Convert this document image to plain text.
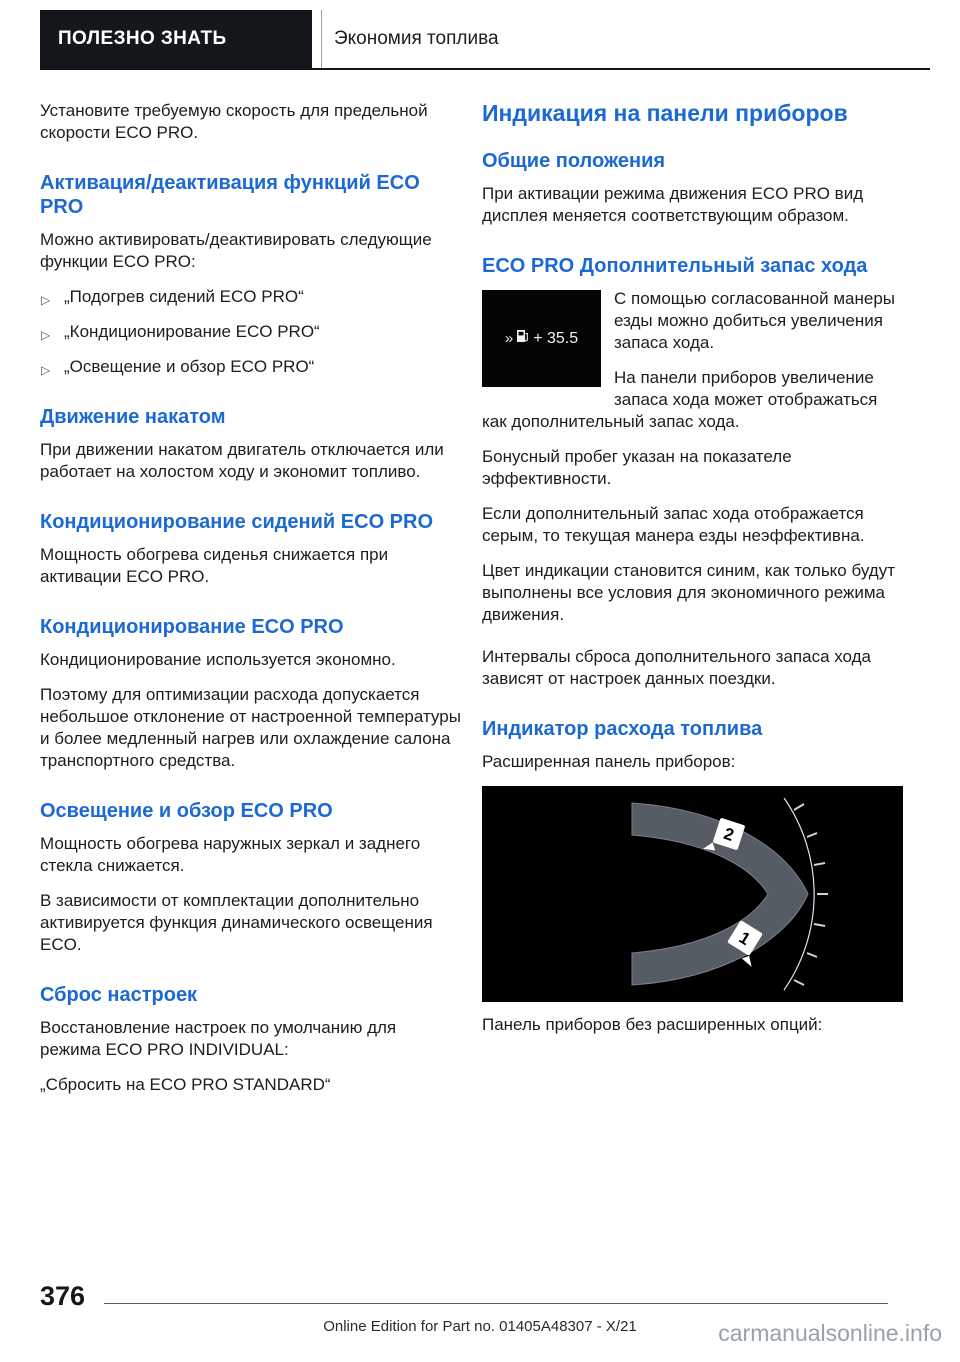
ПОЛЕЗНО ЗНАТЬ	Экономия топлива

Установите требуемую скорость для предельной скорости ECO PRO.

Активация/деактивация функций ECO PRO

Можно активировать/деактивировать следующие функции ECO PRO:

▷ „Подогрев сидений ECO PRO“
▷ „Кондиционирование ECO PRO“
▷ „Освещение и обзор ECO PRO“
Движение накатом

При движении накатом двигатель отключается или работает на холостом ходу и экономит топливо.

Кондиционирование сидений ECO PRO

Мощность обогрева сиденья снижается при активации ECO PRO.

Кондиционирование ECO PRO

Кондиционирование используется экономно.

Поэтому для оптимизации расхода допускается небольшое отклонение от настроенной температуры и более медленный нагрев или охлаждение салона транспортного средства.

Освещение и обзор ECO PRO

Мощность обогрева наружных зеркал и заднего стекла снижается.

В зависимости от комплектации дополнительно активируется функция динамического освещения ECO.

Сброс настроек

Восстановление настроек по умолчанию для режима ECO PRO INDIVIDUAL:

„Сбросить на ECO PRO STANDARD“

Индикация на панели приборов
Общие положения

При активации режима движения ECO PRO вид дисплея меняется соответствующим образом.

ECO PRO Дополнительный запас хода
» + 35.5

С помощью согласованной манеры езды можно добиться увеличения запаса хода.

На панели приборов увеличение запаса хода может отображаться как дополнительный запас хода.

Бонусный пробег указан на показателе эффективности.

Если дополнительный запас хода отображается серым, то текущая манера езды неэффективна.

Цвет индикации становится синим, как только будут выполнены все условия для экономичного режима движения.

Интервалы сброса дополнительного запаса хода зависят от настроек данных поездки.

Индикатор расхода топлива

Расширенная панель приборов:

2
1

Панель приборов без расширенных опций:

376
Online Edition for Part no. 01405A48307 - X/21	carmanualsonline.info
